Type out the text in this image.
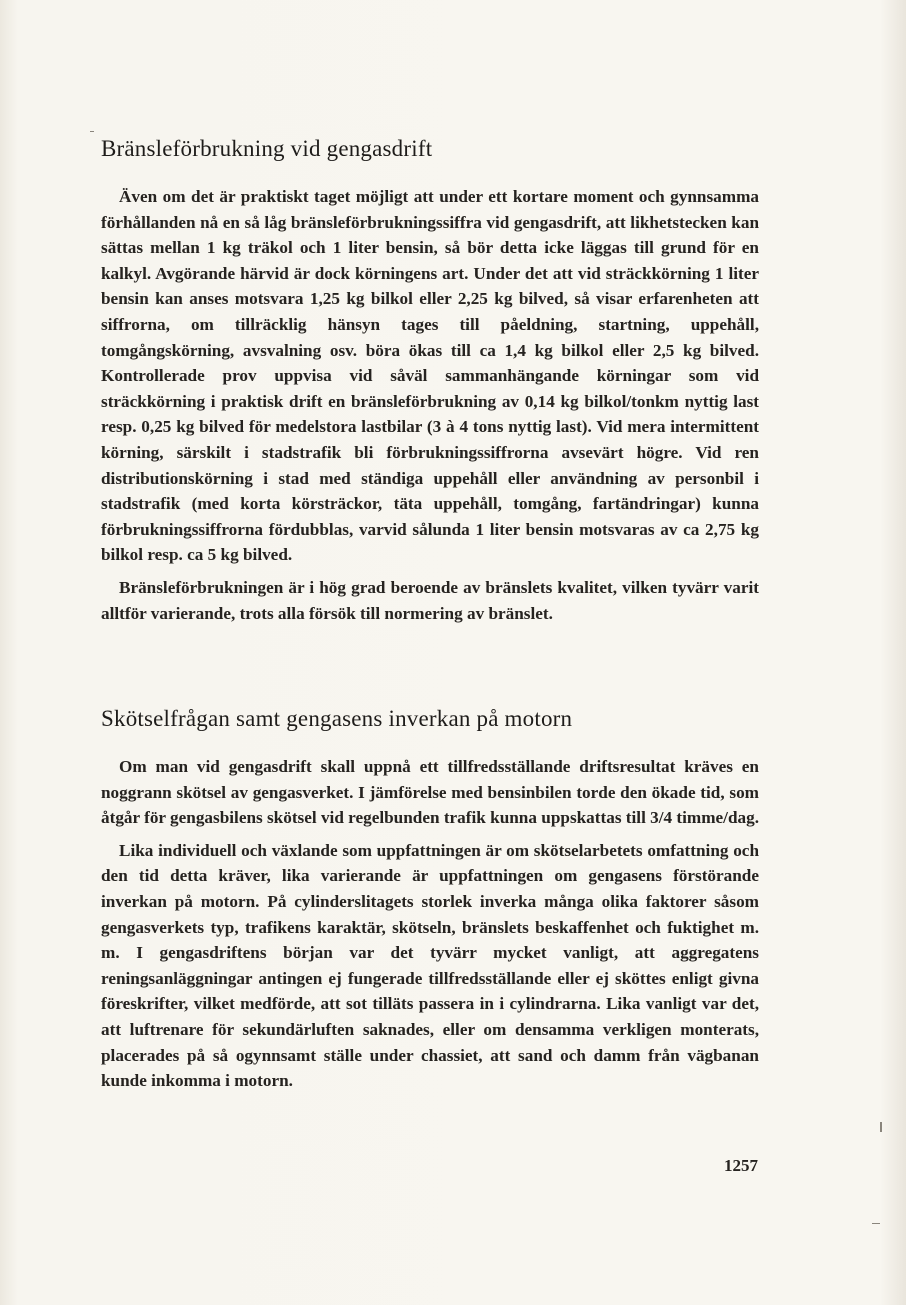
Bränsleförbrukning vid gengasdrift

Även om det är praktiskt taget möjligt att under ett kortare moment och gynnsamma förhållanden nå en så låg bränsleförbrukningssiffra vid gengasdrift, att likhetstecken kan sättas mellan 1 kg träkol och 1 liter bensin, så bör detta icke läggas till grund för en kalkyl. Avgörande härvid är dock körningens art. Under det att vid sträckkörning 1 liter bensin kan anses motsvara 1,25 kg bilkol eller 2,25 kg bilved, så visar erfarenheten att siffrorna, om tillräcklig hänsyn tages till påeldning, startning, uppehåll, tomgångskörning, avsvalning osv. böra ökas till ca 1,4 kg bilkol eller 2,5 kg bilved. Kontrollerade prov uppvisa vid såväl sammanhängande körningar som vid sträckkörning i praktisk drift en bränsleförbrukning av 0,14 kg bilkol/tonkm nyttig last resp. 0,25 kg bilved för medelstora lastbilar (3 à 4 tons nyttig last). Vid mera intermittent körning, särskilt i stadstrafik bli förbrukningssiffrorna avsevärt högre. Vid ren distributionskörning i stad med ständiga uppehåll eller användning av personbil i stadstrafik (med korta körsträckor, täta uppehåll, tomgång, fartändringar) kunna förbrukningssiffrorna fördubblas, varvid sålunda 1 liter bensin motsvaras av ca 2,75 kg bilkol resp. ca 5 kg bilved.

Bränsleförbrukningen är i hög grad beroende av bränslets kvalitet, vilken tyvärr varit alltför varierande, trots alla försök till normering av bränslet.

Skötselfrågan samt gengasens inverkan på motorn

Om man vid gengasdrift skall uppnå ett tillfredsställande driftsresultat kräves en noggrann skötsel av gengasverket. I jämförelse med bensinbilen torde den ökade tid, som åtgår för gengasbilens skötsel vid regelbunden trafik kunna uppskattas till 3/4 timme/dag.

Lika individuell och växlande som uppfattningen är om skötselarbetets omfattning och den tid detta kräver, lika varierande är uppfattningen om gengasens förstörande inverkan på motorn. På cylinderslitagets storlek inverka många olika faktorer såsom gengasverkets typ, trafikens karaktär, skötseln, bränslets beskaffenhet och fuktighet m. m. I gengasdriftens början var det tyvärr mycket vanligt, att aggregatens reningsanläggningar antingen ej fungerade tillfredsställande eller ej sköttes enligt givna föreskrifter, vilket medförde, att sot tilläts passera in i cylindrarna. Lika vanligt var det, att luftrenare för sekundärluften saknades, eller om densamma verkligen monterats, placerades på så ogynnsamt ställe under chassiet, att sand och damm från vägbanan kunde inkomma i motorn.

1257
